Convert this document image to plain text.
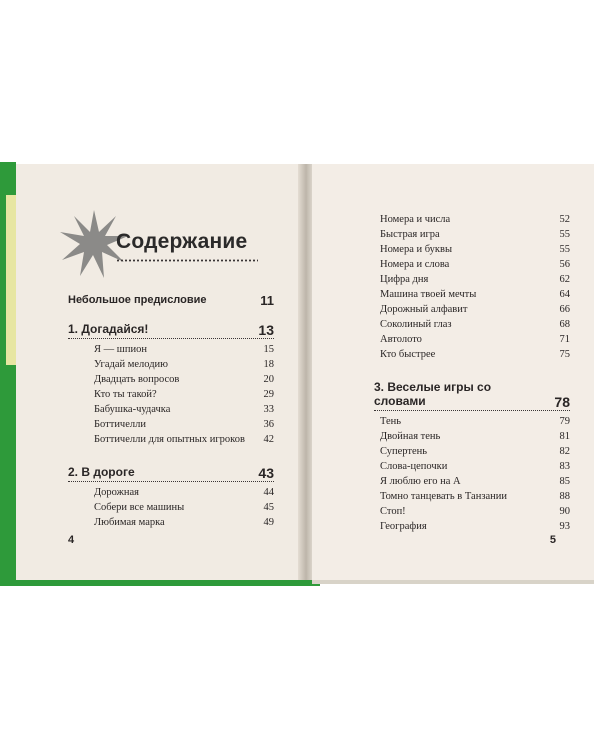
Содержание
Небольшое предисловие	11
1. Догадайся!	13
Я — шпион	15
Угадай мелодию	18
Двадцать вопросов	20
Кто ты такой?	29
Бабушка-чудачка	33
Боттичелли	36
Боттичелли для опытных игроков 42
2. В дороге	43
Дорожная	44
Собери все машины	45
Любимая марка	49
4
Номера и числа	52
Быстрая игра	55
Номера и буквы	55
Номера и слова	56
Цифра дня	62
Машина твоей мечты	64
Дорожный алфавит	66
Соколиный глаз	68
Автолото	71
Кто быстрее	75
3. Веселые игры со словами	78
Тень	79
Двойная тень	81
Супертень	82
Слова-цепочки	83
Я люблю его на А	85
Томно танцевать в Танзании	88
Стоп!	90
География	93
5
